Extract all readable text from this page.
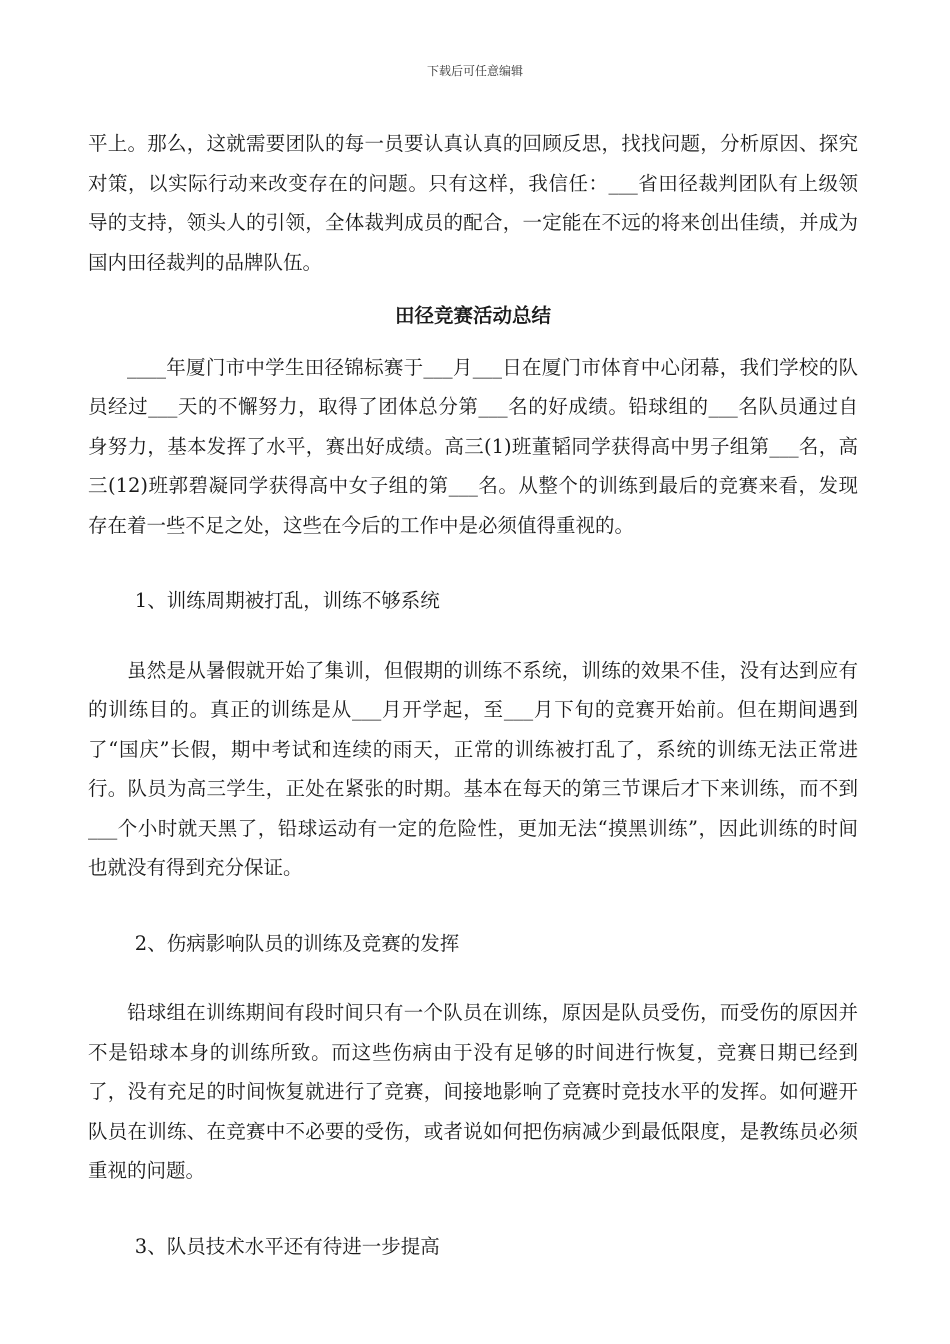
下载后可任意编辑

平上。那么，这就需要团队的每一员要认真认真的回顾反思，找找问题，分析原因、探究对策，以实际行动来改变存在的问题。只有这样，我信任：___省田径裁判团队有上级领导的支持，领头人的引领，全体裁判成员的配合，一定能在不远的将来创出佳绩，并成为国内田径裁判的品牌队伍。

田径竞赛活动总结

____年厦门市中学生田径锦标赛于___月___日在厦门市体育中心闭幕，我们学校的队员经过___天的不懈努力，取得了团体总分第___名的好成绩。铅球组的___名队员通过自身努力，基本发挥了水平，赛出好成绩。高三(1)班董韬同学获得高中男子组第___名，高三(12)班郭碧凝同学获得高中女子组的第___名。从整个的训练到最后的竞赛来看，发现存在着一些不足之处，这些在今后的工作中是必须值得重视的。

1、训练周期被打乱，训练不够系统

虽然是从暑假就开始了集训，但假期的训练不系统，训练的效果不佳，没有达到应有的训练目的。真正的训练是从___月开学起，至___月下旬的竞赛开始前。但在期间遇到了“国庆”长假，期中考试和连续的雨天，正常的训练被打乱了，系统的训练无法正常进行。队员为高三学生，正处在紧张的时期。基本在每天的第三节课后才下来训练，而不到___个小时就天黑了，铅球运动有一定的危险性，更加无法“摸黑训练”，因此训练的时间也就没有得到充分保证。

2、伤病影响队员的训练及竞赛的发挥

铅球组在训练期间有段时间只有一个队员在训练，原因是队员受伤，而受伤的原因并不是铅球本身的训练所致。而这些伤病由于没有足够的时间进行恢复，竞赛日期已经到了，没有充足的时间恢复就进行了竞赛，间接地影响了竞赛时竞技水平的发挥。如何避开队员在训练、在竞赛中不必要的受伤，或者说如何把伤病减少到最低限度，是教练员必须重视的问题。

3、队员技术水平还有待进一步提高
